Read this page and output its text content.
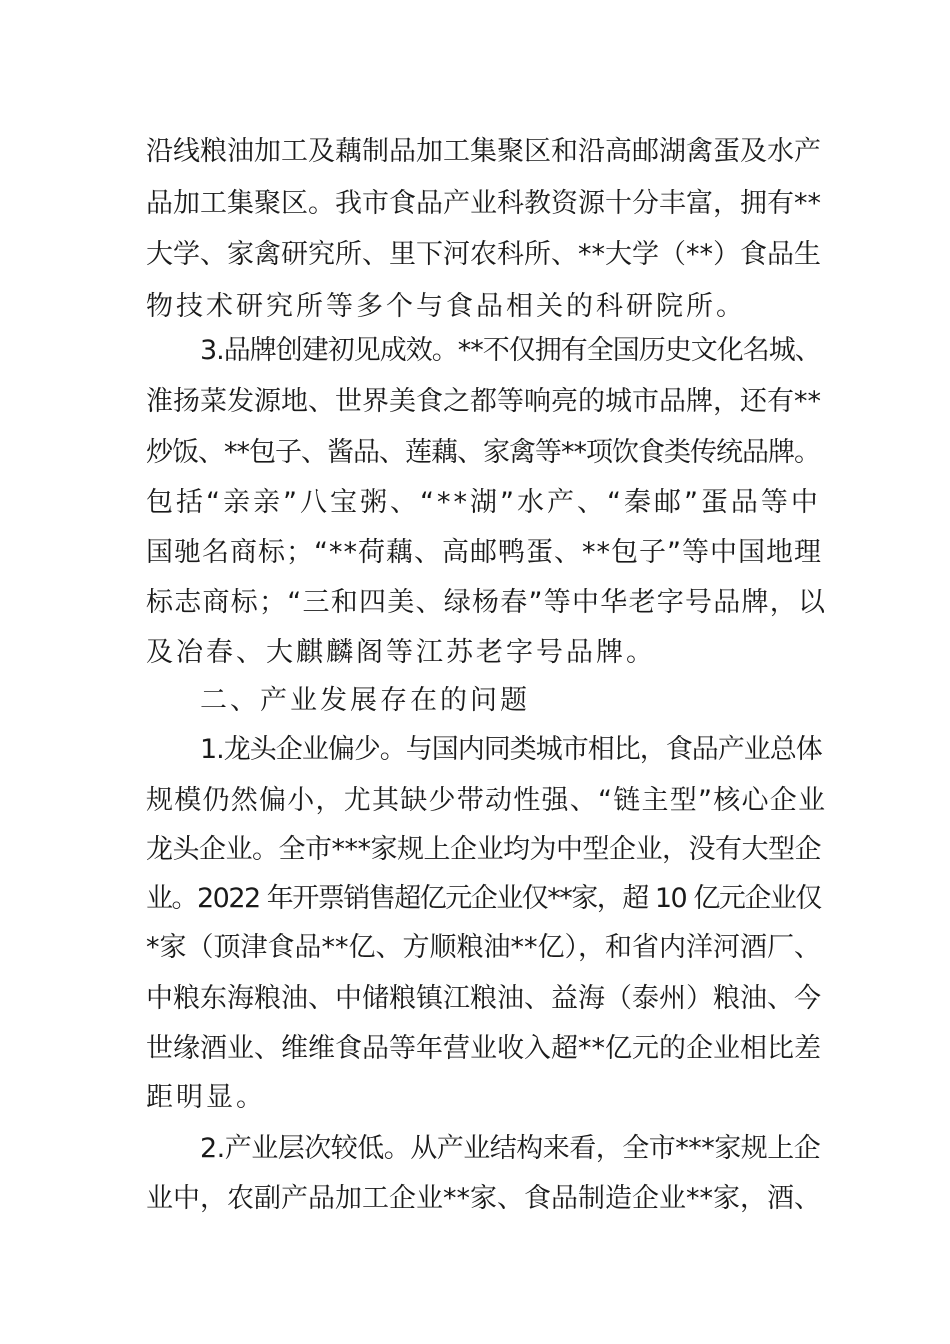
沿线粮油加工及藕制品加工集聚区和沿高邮湖禽蛋及水产
品加工集聚区。我市食品产业科教资源十分丰富，拥有**
大学、家禽研究所、里下河农科所、**大学（**）食品生
物技术研究所等多个与食品相关的科研院所。
3.品牌创建初见成效。**不仅拥有全国历史文化名城、
淮扬菜发源地、世界美食之都等响亮的城市品牌，还有**
炒饭、**包子、酱品、莲藕、家禽等**项饮食类传统品牌。
包括“亲亲”八宝粥、“**湖”水产、“秦邮”蛋品等中
国驰名商标；“**荷藕、高邮鸭蛋、**包子”等中国地理
标志商标；“三和四美、绿杨春”等中华老字号品牌，以
及冶春、大麒麟阁等江苏老字号品牌。
二、产业发展存在的问题
1.龙头企业偏少。与国内同类城市相比，食品产业总体
规模仍然偏小，尤其缺少带动性强、“链主型”核心企业
龙头企业。全市***家规上企业均为中型企业，没有大型企
业。2022 年开票销售超亿元企业仅**家，超 10 亿元企业仅
*家（顶津食品**亿、方顺粮油**亿），和省内洋河酒厂、
中粮东海粮油、中储粮镇江粮油、益海（泰州）粮油、今
世缘酒业、维维食品等年营业收入超**亿元的企业相比差
距明显。
2.产业层次较低。从产业结构来看，全市***家规上企
业中，农副产品加工企业**家、食品制造企业**家，酒、
